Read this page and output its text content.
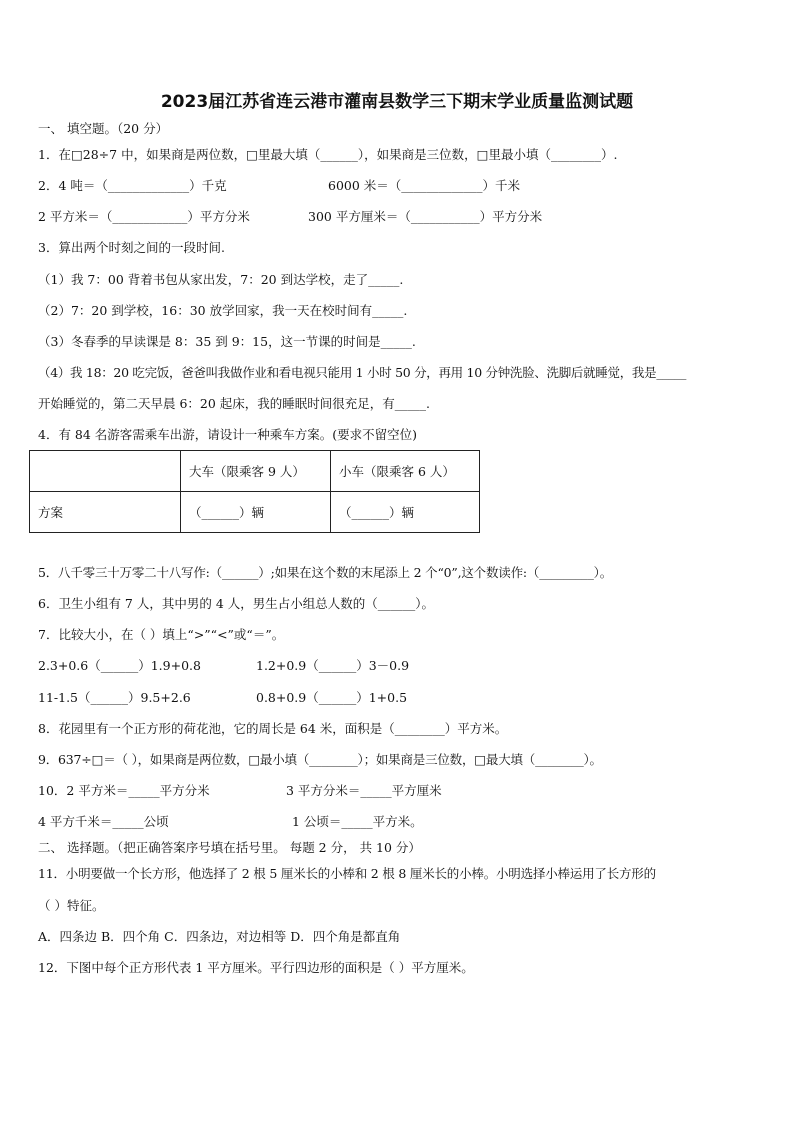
2023届江苏省连云港市灌南县数学三下期末学业质量监测试题
一、 填空题。（20 分）
1．在□28÷7 中，如果商是两位数，□里最大填（______），如果商是三位数，□里最小填（________）.
2．4 吨＝（_____________）千克	6000 米＝（_____________）千米
2 平方米＝（____________）平方分米	300 平方厘米＝（___________）平方分米
3．算出两个时刻之间的一段时间.
（1）我 7：00 背着书包从家出发，7：20 到达学校，走了_____.
（2）7：20 到学校，16：30 放学回家，我一天在校时间有_____.
（3）冬春季的早读课是 8：35 到 9：15，这一节课的时间是_____.
（4）我 18：20 吃完饭，爸爸叫我做作业和看电视只能用 1 小时 50 分，再用 10 分钟洗脸、洗脚后就睡觉，我是_____
开始睡觉的，第二天早晨 6：20 起床，我的睡眠时间很充足，有_____.
4．有 84 名游客需乘车出游，请设计一种乘车方案。(要求不留空位)
	大车（限乘客 9 人）	小车（限乘客 6 人）
方案	（______）辆	（______）辆
5．八千零三十万零二十八写作:（______）;如果在这个数的末尾添上 2 个“0”,这个数读作:（_________）。
6．卫生小组有 7 人，其中男的 4 人，男生占小组总人数的（______）。
7．比较大小，在（ ）填上“>”“<”或“＝”。
2.3+0.6（______）1.9+0.8	1.2+0.9（______）3－0.9
11-1.5（______）9.5+2.6	0.8+0.9（______）1+0.5
8．花园里有一个正方形的荷花池，它的周长是 64 米，面积是（________）平方米。
9．637÷□＝（ ），如果商是两位数，□最小填（________）；如果商是三位数，□最大填（________）。
10．2 平方米＝_____平方分米	3 平方分米＝_____平方厘米
4 平方千米＝_____公顷	1 公顷＝_____平方米。
二、 选择题。（把正确答案序号填在括号里。 每题 2 分， 共 10 分）
11．小明要做一个长方形，他选择了 2 根 5 厘米长的小棒和 2 根 8 厘米长的小棒。小明选择小棒运用了长方形的
（ ）特征。
A．四条边 B．四个角 C．四条边，对边相等 D．四个角是都直角
12．下图中每个正方形代表 1 平方厘米。平行四边形的面积是（ ）平方厘米。
